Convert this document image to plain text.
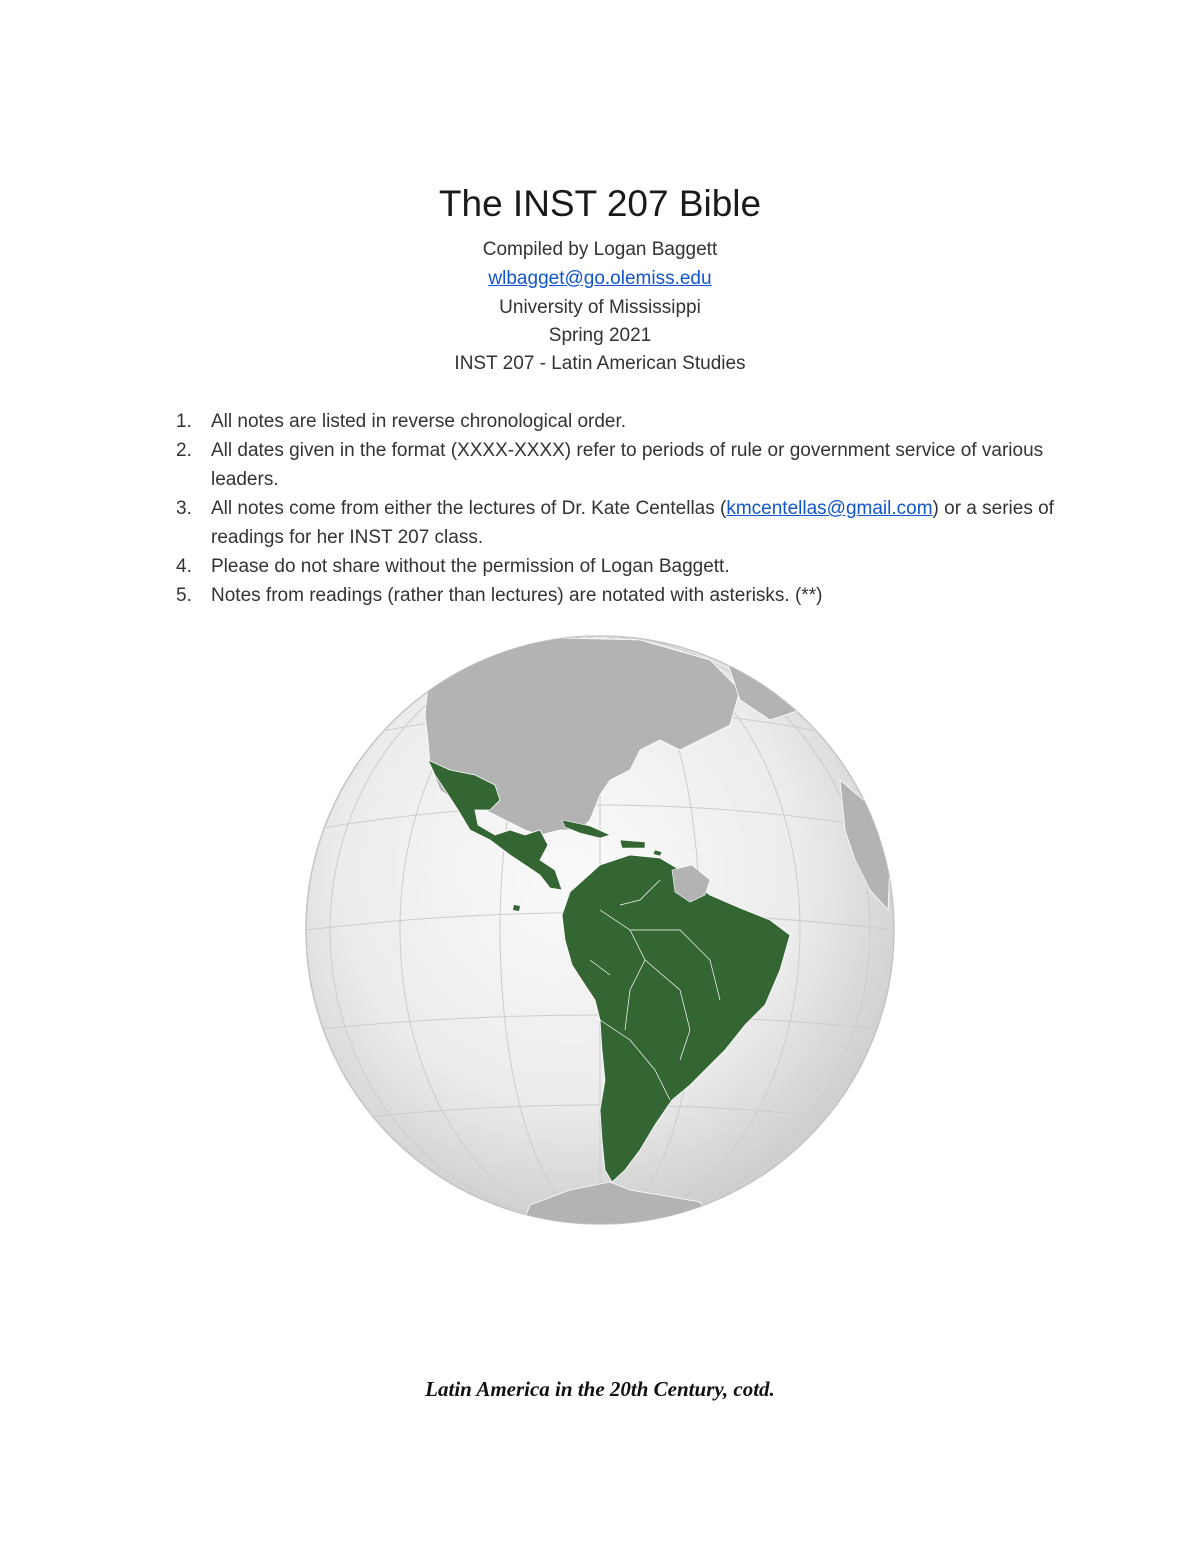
The INST 207 Bible
Compiled by Logan Baggett
wlbagget@go.olemiss.edu
University of Mississippi
Spring 2021
INST 207 - Latin American Studies
1. All notes are listed in reverse chronological order.
2. All dates given in the format (XXXX-XXXX) refer to periods of rule or government service of various leaders.
3. All notes come from either the lectures of Dr. Kate Centellas (kmcentellas@gmail.com) or a series of readings for her INST 207 class.
4. Please do not share without the permission of Logan Baggett.
5. Notes from readings (rather than lectures) are notated with asterisks. (**)
Latin America in the 20th Century, cotd.
